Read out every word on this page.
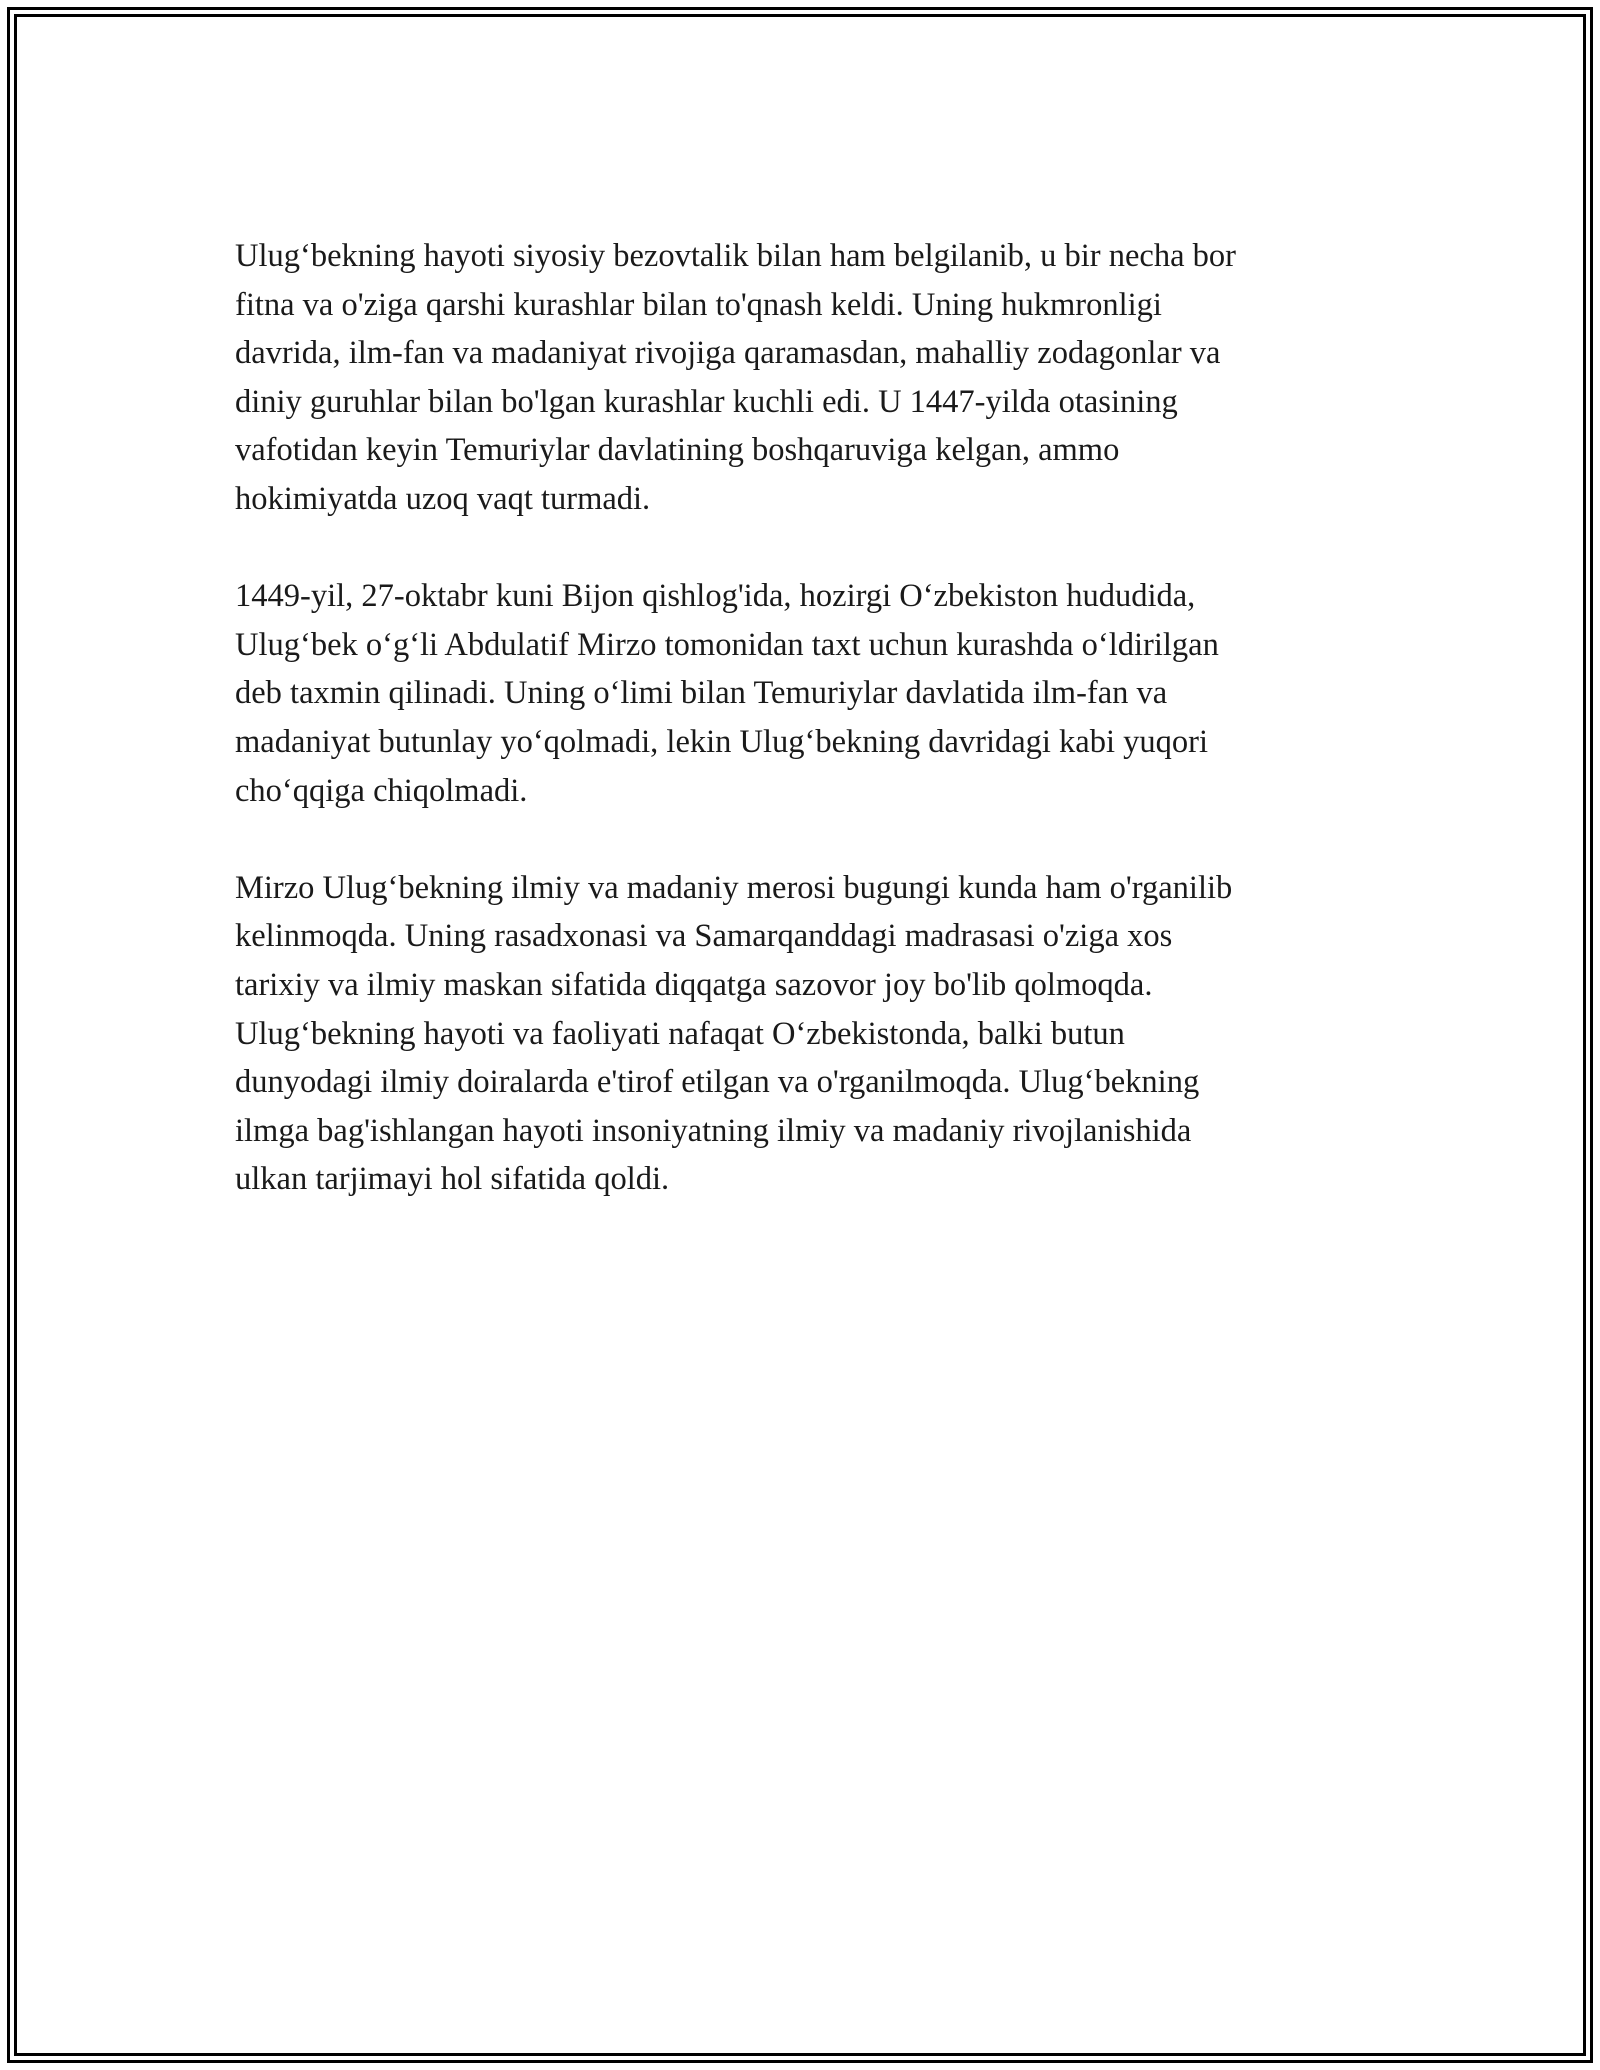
Ulug‘bekning hayoti siyosiy bezovtalik bilan ham belgilanib, u bir necha bor
fitna va o'ziga qarshi kurashlar bilan to'qnash keldi. Uning hukmronligi
davrida, ilm-fan va madaniyat rivojiga qaramasdan, mahalliy zodagonlar va
diniy guruhlar bilan bo'lgan kurashlar kuchli edi. U 1447-yilda otasining
vafotidan keyin Temuriylar davlatining boshqaruviga kelgan, ammo
hokimiyatda uzoq vaqt turmadi.

1449-yil, 27-oktabr kuni Bijon qishlog'ida, hozirgi O‘zbekiston hududida,
Ulug‘bek o‘g‘li Abdulatif Mirzo tomonidan taxt uchun kurashda o‘ldirilgan
deb taxmin qilinadi. Uning o‘limi bilan Temuriylar davlatida ilm-fan va
madaniyat butunlay yo‘qolmadi, lekin Ulug‘bekning davridagi kabi yuqori
cho‘qqiga chiqolmadi.

Mirzo Ulug‘bekning ilmiy va madaniy merosi bugungi kunda ham o'rganilib
kelinmoqda. Uning rasadxonasi va Samarqanddagi madrasasi o'ziga xos
tarixiy va ilmiy maskan sifatida diqqatga sazovor joy bo'lib qolmoqda.
Ulug‘bekning hayoti va faoliyati nafaqat O‘zbekistonda, balki butun
dunyodagi ilmiy doiralarda e'tirof etilgan va o'rganilmoqda. Ulug‘bekning
ilmga bag'ishlangan hayoti insoniyatning ilmiy va madaniy rivojlanishida
ulkan tarjimayi hol sifatida qoldi.
